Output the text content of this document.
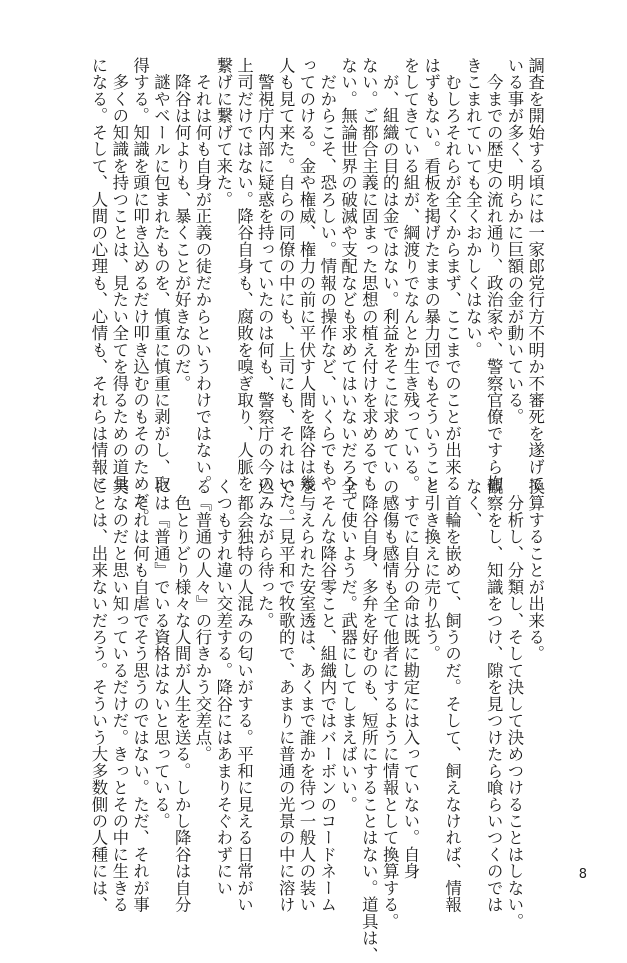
調査を開始する頃には一家郎党行方不明か不審死を遂げて
いる事が多く、明らかに巨額の金が動いている。
　今までの歴史の流れ通り、政治家や、警察官僚ですら抱
きこまれていても全くおかしくはない。
　むしろそれらが全くからまず、ここまでのことが出来る
はずもない。看板を掲げたままの暴力団でもそういうこと
をしてきている組が、綱渡りでなんとか生き残っている。
　が、組織の目的は金ではない。利益をそこに求めてい
ない。ご都合主義に固まった思想の植え付けを求めるでも
ない。無論世界の破滅や支配なども求めてはいないだろう。
　だからこそ、恐ろしい。情報の操作など、いくらでもや
ってのける。金や権威、権力の前に平伏す人間を降谷は幾
人も見て来た。自らの同僚の中にも、上司にも、それはいた。
　警視庁内部に疑惑を持っていたのは何も、警察庁の今の
上司だけではない。降谷自身も、腐敗を嗅ぎ取り、人脈を
繋げに繋げて来た。
　それは何も自身が正義の徒だからというわけではない。
　降谷は何よりも、暴くことが好きなのだ。
　謎やベールに包まれたものを、慎重に慎重に剥がし、取
得する。知識を頭に叩き込めるだけ叩き込むのもそのためだ。
　多くの知識を持つことは、見たい全てを得るための道具
になる。そして、人間の心理も、心情も、それらは情報に
換算することが出来る。
　分析し、分類し、そして決して決めつけることはしない。
観察をし、知識をつけ、隙を見つけたら喰らいつくのでは
なく、
　首輪を嵌めて、飼うのだ。そして、飼えなければ、情報
と引き換えに売り払う。
　すでに自分の命は既に勘定には入っていない。自身
の感傷も感情も全て他者にするように情報として換算する。
　降谷自身、多弁を好むのも、短所にすることはない。道具は、
全て使いようだ。武器にしてしまえばいい。
　そんな降谷零こと、組織内ではバーボンのコードネーム
を与えられた安室透は、あくまで誰かを待つ一般人の装い
で、一見平和で牧歌的で、あまりに普通の光景の中に溶け
込みながら待った。
　都会独特の人混みの匂いがする。平和に見える日常がい
くつもすれ違い交差する。降谷にはあまりそぐわずにい
る『普通の人々』の行きかう交差点。
　色とりどり様々な人間が人生を送る。しかし降谷は自分
には『普通』でいる資格はないと思っている。
　それは何も自虐でそう思うのではない。ただ、それが事
実なのだと思い知っているだけだ。きっとその中に生きる
ことは、出来ないだろう。そういう大多数側の人種には、	8
